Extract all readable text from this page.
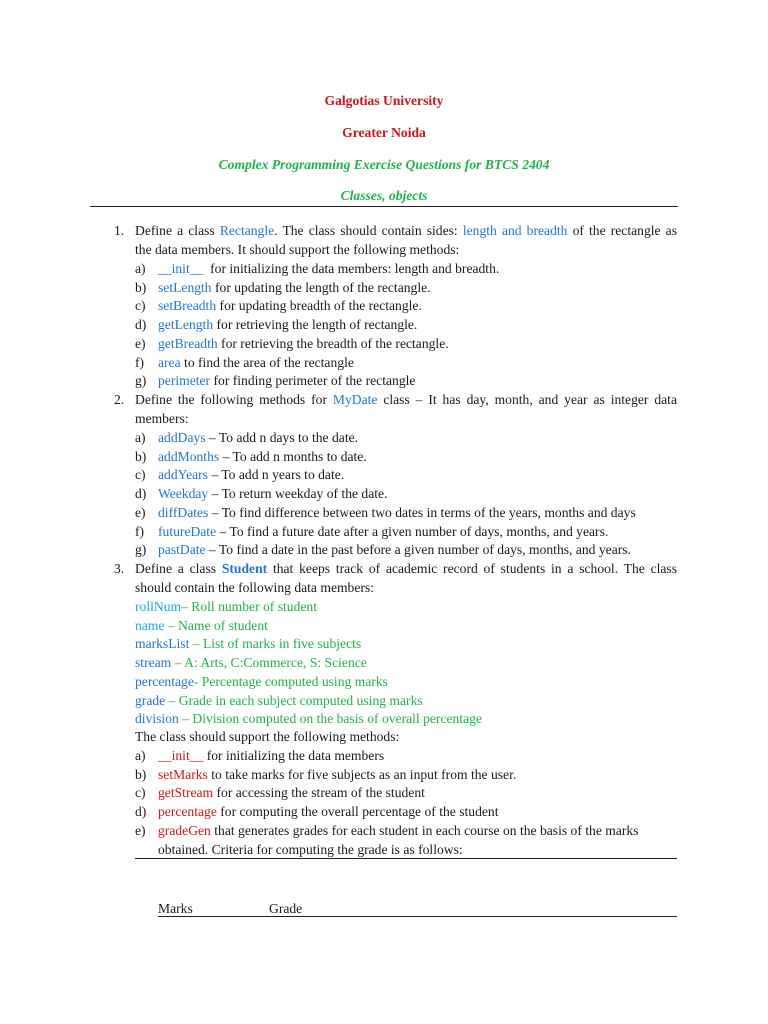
Galgotias University
Greater Noida
Complex Programming Exercise Questions for BTCS 2404
Classes, objects
1. Define a class Rectangle. The class should contain sides: length and breadth of the rectangle as
the data members. It should support the following methods:
a) __init__  for initializing the data members: length and breadth.
b) setLength for updating the length of the rectangle.
c) setBreadth for updating breadth of the rectangle.
d) getLength for retrieving the length of rectangle.
e) getBreadth for retrieving the breadth of the rectangle.
f) area to find the area of the rectangle
g) perimeter for finding perimeter of the rectangle
2. Define the following methods for MyDate class – It has day, month, and year as integer data
members:
a) addDays – To add n days to the date.
b) addMonths – To add n months to date.
c) addYears – To add n years to date.
d) Weekday – To return weekday of the date.
e) diffDates – To find difference between two dates in terms of the years, months and days
f) futureDate – To find a future date after a given number of days, months, and years.
g) pastDate – To find a date in the past before a given number of days, months, and years.
3. Define a class Student that keeps track of academic record of students in a school. The class
should contain the following data members:
rollNum– Roll number of student
name – Name of student
marksList – List of marks in five subjects
stream – A: Arts, C:Commerce, S: Science
percentage- Percentage computed using marks
grade – Grade in each subject computed using marks
division – Division computed on the basis of overall percentage
The class should support the following methods:
a) __init__ for initializing the data members
b) setMarks to take marks for five subjects as an input from the user.
c) getStream for accessing the stream of the student
d) percentage for computing the overall percentage of the student
e) gradeGen that generates grades for each student in each course on the basis of the marks
obtained. Criteria for computing the grade is as follows:
Marks	Grade
